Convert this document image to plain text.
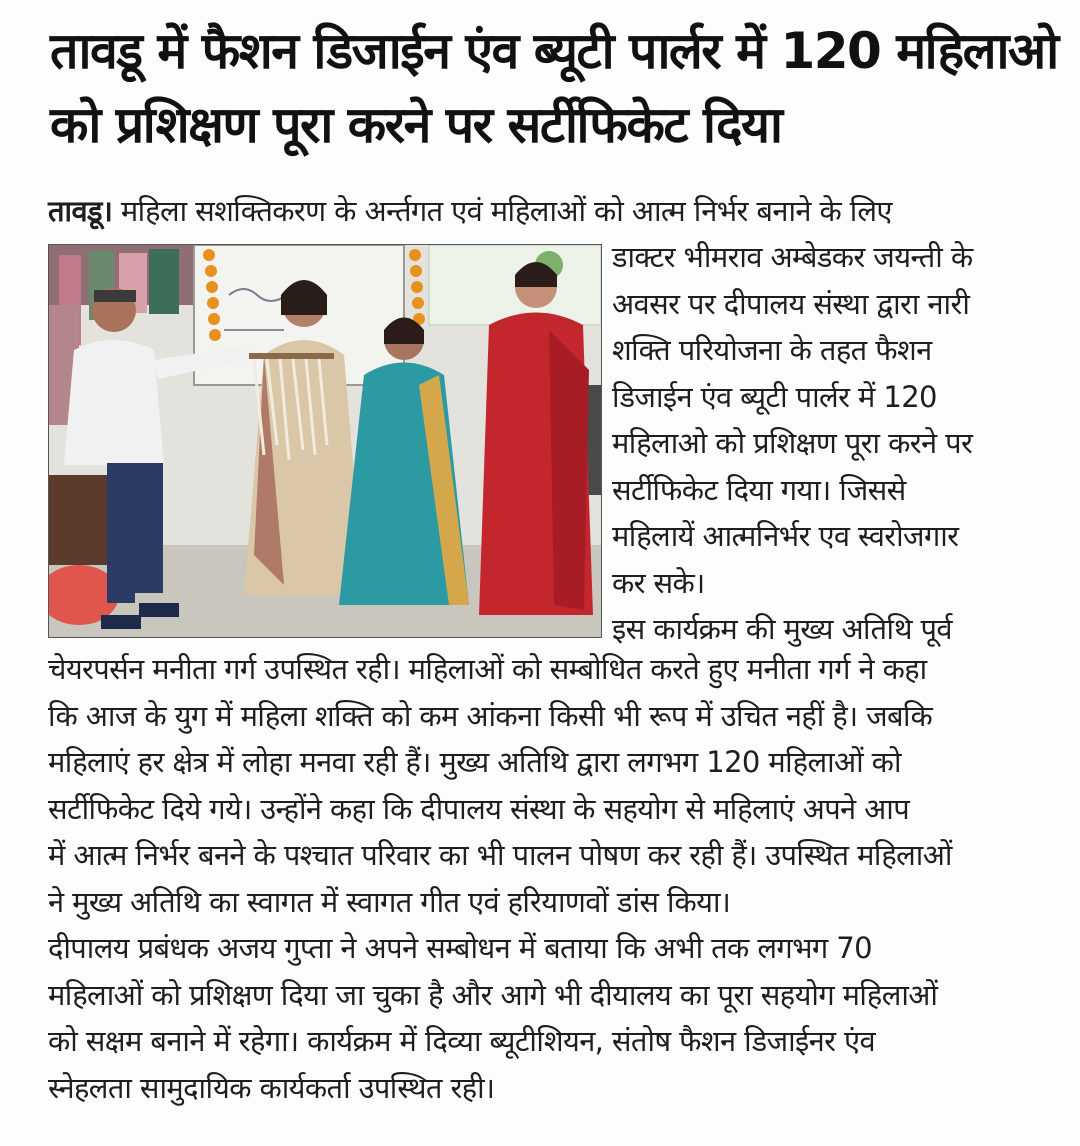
तावडू में फैशन डिजाईन एंव ब्यूटी पार्लर में 120 महिलाओ
को प्रशिक्षण पूरा करने पर सर्टीफिकेट दिया
तावडू। महिला सशक्तिकरण के अर्न्तगत एवं महिलाओं को आत्म निर्भर बनाने के लिए
डाक्टर भीमराव अम्बेडकर जयन्ती के
अवसर पर दीपालय संस्था द्वारा नारी
शक्ति परियोजना के तहत फैशन
डिजाईन एंव ब्यूटी पार्लर में 120
महिलाओ को प्रशिक्षण पूरा करने पर
सर्टीफिकेट दिया गया। जिससे
महिलायें आत्मनिर्भर एव स्वरोजगार
कर सके।
इस कार्यक्रम की मुख्य अतिथि पूर्व
चेयरपर्सन मनीता गर्ग उपस्थित रही। महिलाओं को सम्बोधित करते हुए मनीता गर्ग ने कहा
कि आज के युग में महिला शक्ति को कम आंकना किसी भी रूप में उचित नहीं है। जबकि
महिलाएं हर क्षेत्र में लोहा मनवा रही हैं। मुख्य अतिथि द्वारा लगभग 120 महिलाओं को
सर्टीफिकेट दिये गये। उन्होंने कहा कि दीपालय संस्था के सहयोग से महिलाएं अपने आप
में आत्म निर्भर बनने के पश्चात परिवार का भी पालन पोषण कर रही हैं। उपस्थित महिलाओं
ने मुख्य अतिथि का स्वागत में स्वागत गीत एवं हरियाणवों डांस किया।
दीपालय प्रबंधक अजय गुप्ता ने अपने सम्बोधन में बताया कि अभी तक लगभग 70
महिलाओं को प्रशिक्षण दिया जा चुका है और आगे भी दीयालय का पूरा सहयोग महिलाओं
को सक्षम बनाने में रहेगा। कार्यक्रम में दिव्या ब्यूटीशियन, संतोष फैशन डिजाईनर एंव
स्नेहलता सामुदायिक कार्यकर्ता उपस्थित रही।
